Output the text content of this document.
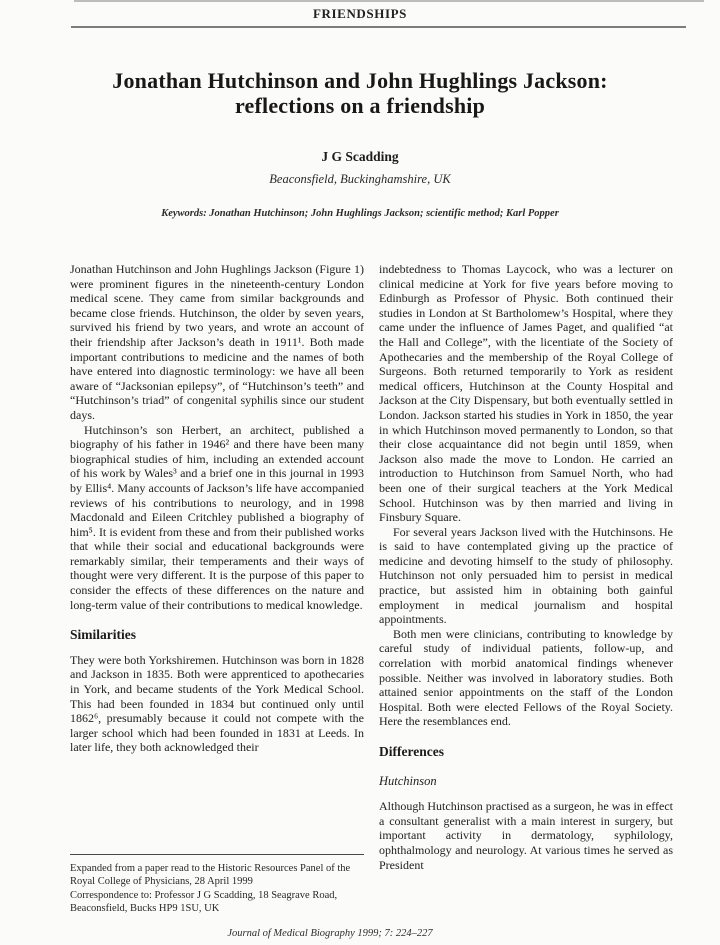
FRIENDSHIPS
Jonathan Hutchinson and John Hughlings Jackson:
reflections on a friendship
J G Scadding
Beaconsfield, Buckinghamshire, UK
Keywords: Jonathan Hutchinson; John Hughlings Jackson; scientific method; Karl Popper

Jonathan Hutchinson and John Hughlings Jackson (Figure 1) were prominent figures in the nineteenth-century London medical scene. They came from similar backgrounds and became close friends. Hutchinson, the older by seven years, survived his friend by two years, and wrote an account of their friendship after Jackson’s death in 1911¹. Both made important contributions to medicine and the names of both have entered into diagnostic terminology: we have all been aware of “Jacksonian epilepsy”, of “Hutchinson’s teeth” and “Hutchinson’s triad” of congenital syphilis since our student days.

Hutchinson’s son Herbert, an architect, published a biography of his father in 1946² and there have been many biographical studies of him, including an extended account of his work by Wales³ and a brief one in this journal in 1993 by Ellis⁴. Many accounts of Jackson’s life have accompanied reviews of his contributions to neurology, and in 1998 Macdonald and Eileen Critchley published a biography of him⁵. It is evident from these and from their published works that while their social and educational backgrounds were remarkably similar, their temperaments and their ways of thought were very different. It is the purpose of this paper to consider the effects of these differences on the nature and long-term value of their contributions to medical knowledge.

Similarities

They were both Yorkshiremen. Hutchinson was born in 1828 and Jackson in 1835. Both were apprenticed to apothecaries in York, and became students of the York Medical School. This had been founded in 1834 but continued only until 1862⁶, presumably because it could not compete with the larger school which had been founded in 1831 at Leeds. In later life, they both acknowledged their

Expanded from a paper read to the Historic Resources Panel of the Royal College of Physicians, 28 April 1999

Correspondence to: Professor J G Scadding, 18 Seagrave Road, Beaconsfield, Bucks HP9 1SU, UK

indebtedness to Thomas Laycock, who was a lecturer on clinical medicine at York for five years before moving to Edinburgh as Professor of Physic. Both continued their studies in London at St Bartholomew’s Hospital, where they came under the influence of James Paget, and qualified “at the Hall and College”, with the licentiate of the Society of Apothecaries and the membership of the Royal College of Surgeons. Both returned temporarily to York as resident medical officers, Hutchinson at the County Hospital and Jackson at the City Dispensary, but both eventually settled in London. Jackson started his studies in York in 1850, the year in which Hutchinson moved permanently to London, so that their close acquaintance did not begin until 1859, when Jackson also made the move to London. He carried an introduction to Hutchinson from Samuel North, who had been one of their surgical teachers at the York Medical School. Hutchinson was by then married and living in Finsbury Square.

For several years Jackson lived with the Hutchinsons. He is said to have contemplated giving up the practice of medicine and devoting himself to the study of philosophy. Hutchinson not only persuaded him to persist in medical practice, but assisted him in obtaining both gainful employment in medical journalism and hospital appointments.

Both men were clinicians, contributing to knowledge by careful study of individual patients, follow-up, and correlation with morbid anatomical findings whenever possible. Neither was involved in laboratory studies. Both attained senior appointments on the staff of the London Hospital. Both were elected Fellows of the Royal Society. Here the resemblances end.

Differences
Hutchinson

Although Hutchinson practised as a surgeon, he was in effect a consultant generalist with a main interest in surgery, but important activity in dermatology, syphilology, ophthalmology and neurology. At various times he served as President

Journal of Medical Biography 1999; 7: 224–227
